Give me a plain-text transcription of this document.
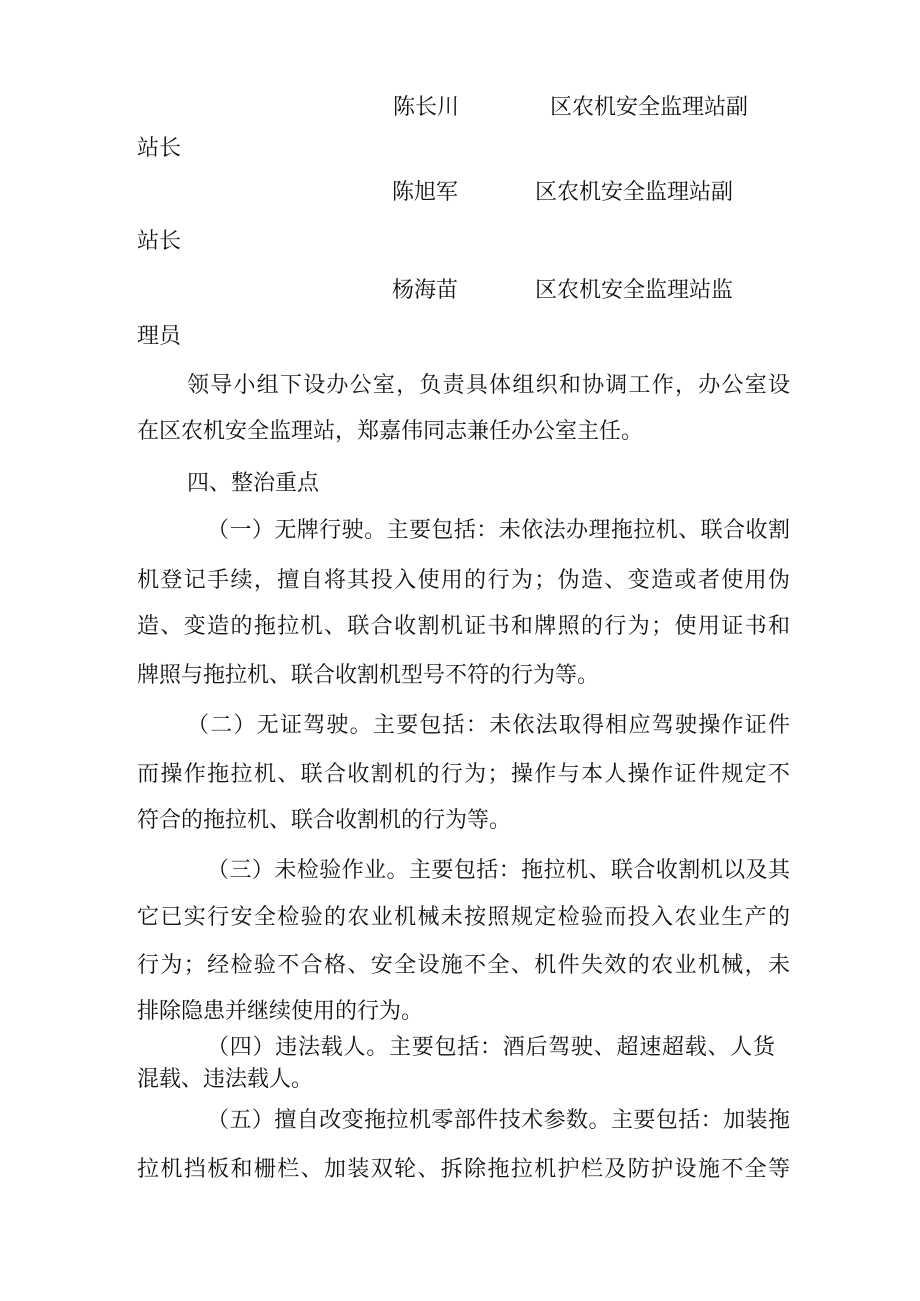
陈长川	区农机安全监理站副
站长
陈旭军	区农机安全监理站副
站长
杨海苗	区农机安全监理站监
理员
领导小组下设办公室，负责具体组织和协调工作，办公室设
在区农机安全监理站，郑嘉伟同志兼任办公室主任。
四、整治重点
（一）无牌行驶。主要包括：未依法办理拖拉机、联合收割
机登记手续，擅自将其投入使用的行为；伪造、变造或者使用伪
造、变造的拖拉机、联合收割机证书和牌照的行为；使用证书和
牌照与拖拉机、联合收割机型号不符的行为等。
（二）无证驾驶。主要包括：未依法取得相应驾驶操作证件
而操作拖拉机、联合收割机的行为；操作与本人操作证件规定不
符合的拖拉机、联合收割机的行为等。
（三）未检验作业。主要包括：拖拉机、联合收割机以及其
它已实行安全检验的农业机械未按照规定检验而投入农业生产的
行为；经检验不合格、安全设施不全、机件失效的农业机械，未
排除隐患并继续使用的行为。
（四）违法载人。主要包括：酒后驾驶、超速超载、人货
混载、违法载人。
（五）擅自改变拖拉机零部件技术参数。主要包括：加装拖
拉机挡板和栅栏、加装双轮、拆除拖拉机护栏及防护设施不全等
